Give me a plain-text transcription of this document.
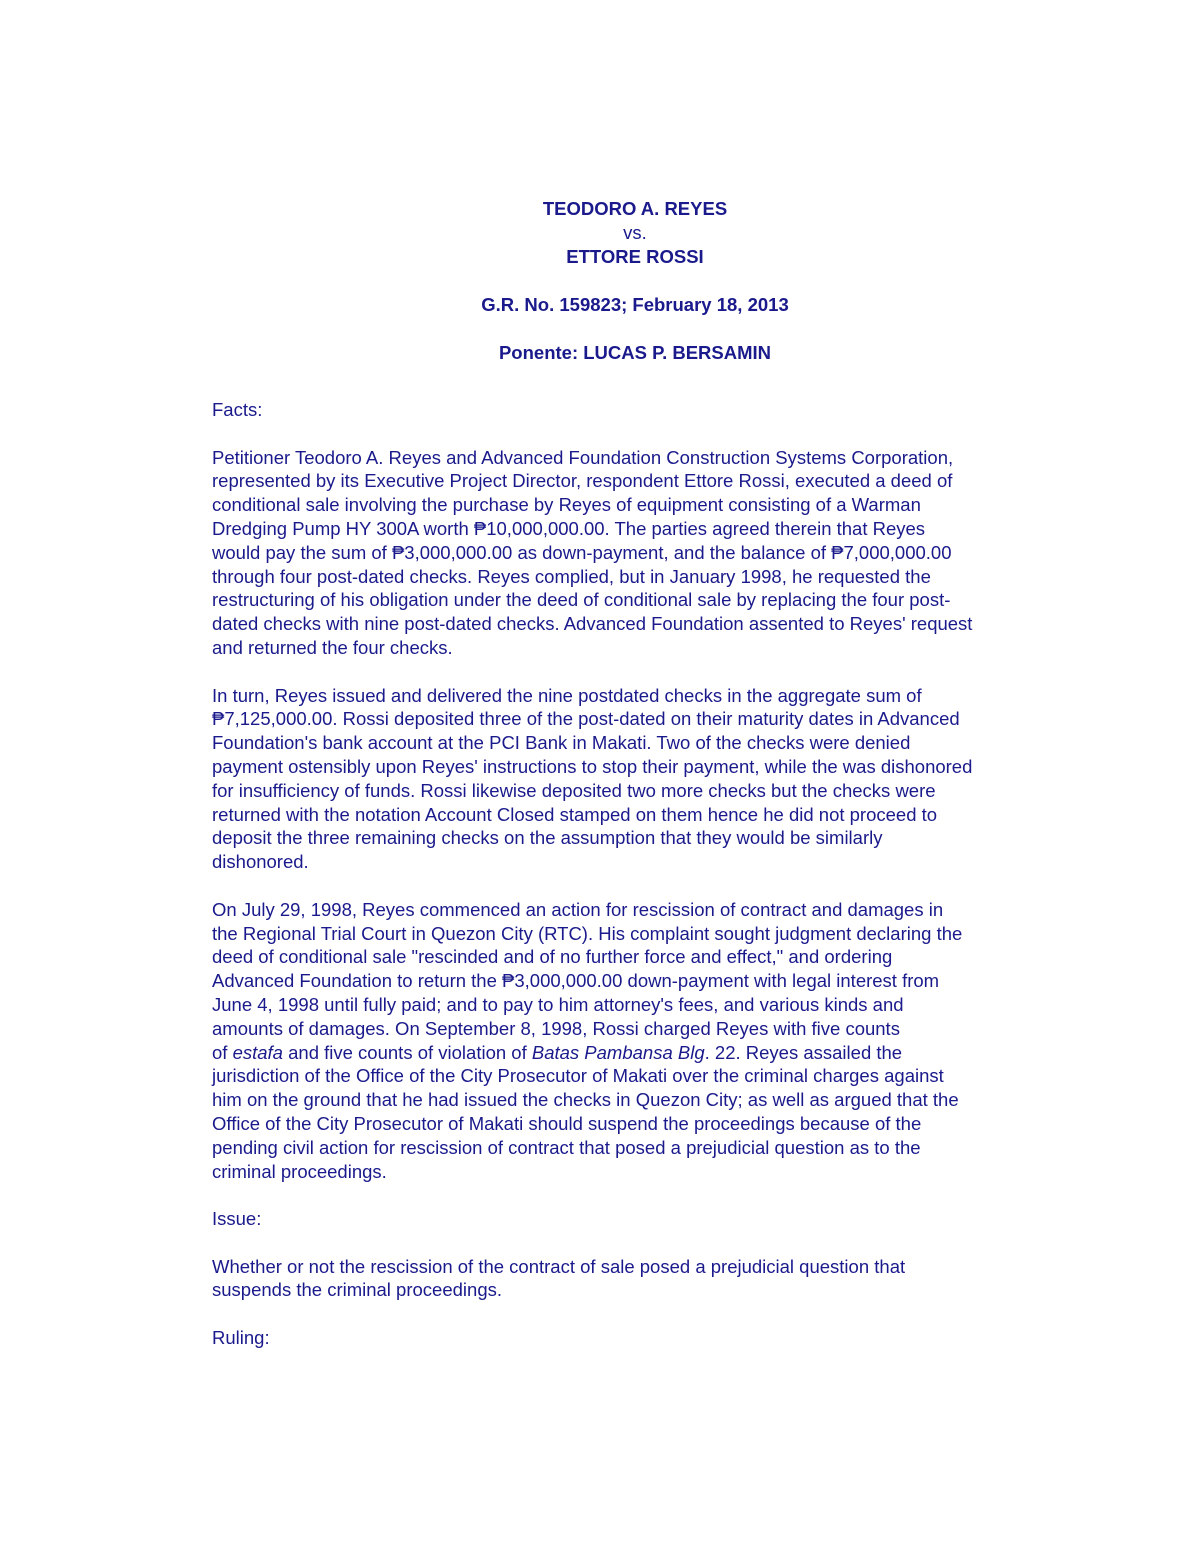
TEODORO A. REYES
vs.
ETTORE ROSSI
G.R. No. 159823; February 18, 2013
Ponente: LUCAS P. BERSAMIN

Facts:

Petitioner Teodoro A. Reyes and Advanced Foundation Construction Systems Corporation,
represented by its Executive Project Director, respondent Ettore Rossi, executed a deed of
conditional sale involving the purchase by Reyes of equipment consisting of a Warman
Dredging Pump HY 300A worth ₱10,000,000.00. The parties agreed therein that Reyes
would pay the sum of ₱3,000,000.00 as down-payment, and the balance of ₱7,000,000.00
through four post-dated checks. Reyes complied, but in January 1998, he requested the
restructuring of his obligation under the deed of conditional sale by replacing the four post-
dated checks with nine post-dated checks. Advanced Foundation assented to Reyes' request
and returned the four checks.

In turn, Reyes issued and delivered the nine postdated checks in the aggregate sum of
₱7,125,000.00. Rossi deposited three of the post-dated on their maturity dates in Advanced
Foundation's bank account at the PCI Bank in Makati. Two of the checks were denied
payment ostensibly upon Reyes' instructions to stop their payment, while the was dishonored
for insufficiency of funds. Rossi likewise deposited two more checks but the checks were
returned with the notation Account Closed stamped on them hence he did not proceed to
deposit the three remaining checks on the assumption that they would be similarly
dishonored.

On July 29, 1998, Reyes commenced an action for rescission of contract and damages in
the Regional Trial Court in Quezon City (RTC). His complaint sought judgment declaring the
deed of conditional sale "rescinded and of no further force and effect," and ordering
Advanced Foundation to return the ₱3,000,000.00 down-payment with legal interest from
June 4, 1998 until fully paid; and to pay to him attorney's fees, and various kinds and
amounts of damages. On September 8, 1998, Rossi charged Reyes with five counts
of estafa and five counts of violation of Batas Pambansa Blg. 22. Reyes assailed the
jurisdiction of the Office of the City Prosecutor of Makati over the criminal charges against
him on the ground that he had issued the checks in Quezon City; as well as argued that the
Office of the City Prosecutor of Makati should suspend the proceedings because of the
pending civil action for rescission of contract that posed a prejudicial question as to the
criminal proceedings.

Issue:

Whether or not the rescission of the contract of sale posed a prejudicial question that
suspends the criminal proceedings.

Ruling:
